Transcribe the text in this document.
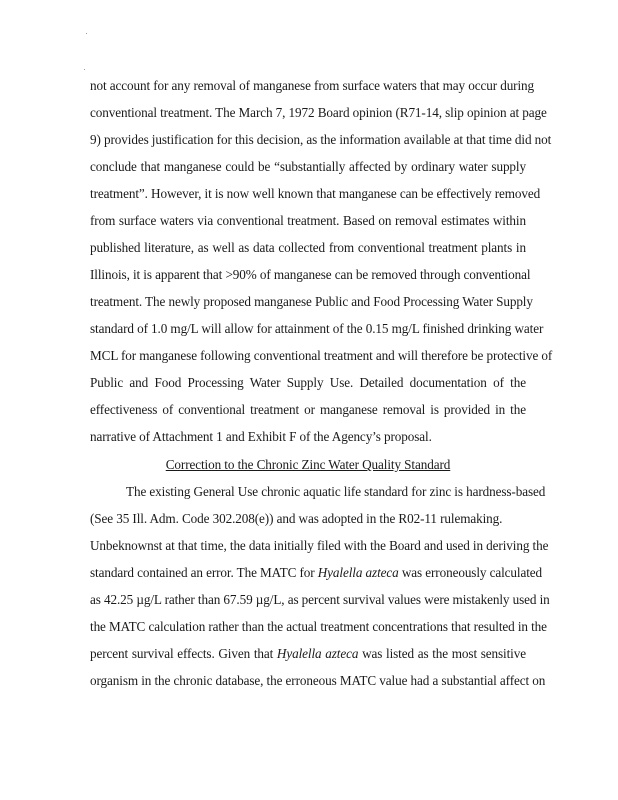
not account for any removal of manganese from surface waters that may occur during
conventional treatment. The March 7, 1972 Board opinion (R71-14, slip opinion at page
9) provides justification for this decision, as the information available at that time did not
conclude that manganese could be “substantially affected by ordinary water supply
treatment”. However, it is now well known that manganese can be effectively removed
from surface waters via conventional treatment. Based on removal estimates within
published literature, as well as data collected from conventional treatment plants in
Illinois, it is apparent that >90% of manganese can be removed through conventional
treatment. The newly proposed manganese Public and Food Processing Water Supply
standard of 1.0 mg/L will allow for attainment of the 0.15 mg/L finished drinking water
MCL for manganese following conventional treatment and will therefore be protective of
Public and Food Processing Water Supply Use. Detailed documentation of the
effectiveness of conventional treatment or manganese removal is provided in the
narrative of Attachment 1 and Exhibit F of the Agency’s proposal.
Correction to the Chronic Zinc Water Quality Standard
The existing General Use chronic aquatic life standard for zinc is hardness-based
(See 35 Ill. Adm. Code 302.208(e)) and was adopted in the R02-11 rulemaking.
Unbeknownst at that time, the data initially filed with the Board and used in deriving the
standard contained an error. The MATC for Hyalella azteca was erroneously calculated
as 42.25 µg/L rather than 67.59 µg/L, as percent survival values were mistakenly used in
the MATC calculation rather than the actual treatment concentrations that resulted in the
percent survival effects. Given that Hyalella azteca was listed as the most sensitive
organism in the chronic database, the erroneous MATC value had a substantial affect on
